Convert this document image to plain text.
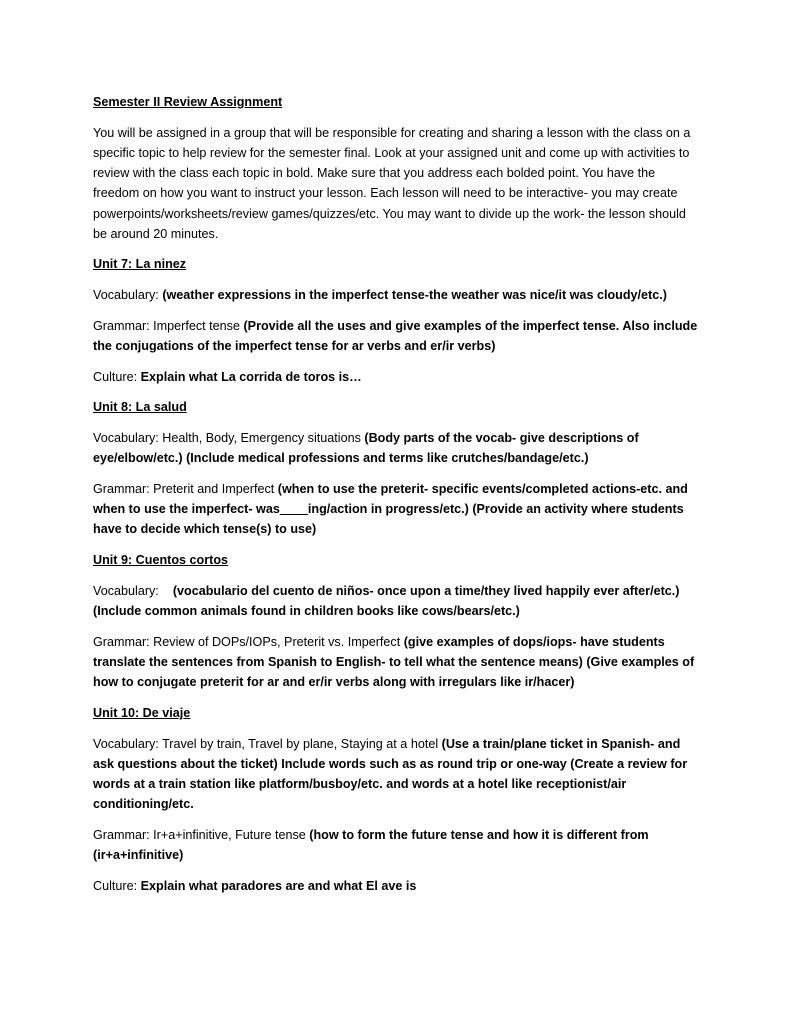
Semester II Review Assignment

You will be assigned in a group that will be responsible for creating and sharing a lesson with the class on a specific topic to help review for the semester final. Look at your assigned unit and come up with activities to review with the class each topic in bold. Make sure that you address each bolded point. You have the freedom on how you want to instruct your lesson. Each lesson will need to be interactive- you may create powerpoints/worksheets/review games/quizzes/etc. You may want to divide up the work- the lesson should be around 20 minutes.

Unit 7: La ninez

Vocabulary: (weather expressions in the imperfect tense-the weather was nice/it was cloudy/etc.)

Grammar: Imperfect tense (Provide all the uses and give examples of the imperfect tense. Also include the conjugations of the imperfect tense for ar verbs and er/ir verbs)

Culture: Explain what La corrida de toros is…

Unit 8: La salud

Vocabulary: Health, Body, Emergency situations (Body parts of the vocab- give descriptions of eye/elbow/etc.) (Include medical professions and terms like crutches/bandage/etc.)

Grammar: Preterit and Imperfect (when to use the preterit- specific events/completed actions-etc. and when to use the imperfect- was____ing/action in progress/etc.) (Provide an activity where students have to decide which tense(s) to use)

Unit 9: Cuentos cortos

Vocabulary:    (vocabulario del cuento de niños- once upon a time/they lived happily ever after/etc.) (Include common animals found in children books like cows/bears/etc.)

Grammar: Review of DOPs/IOPs, Preterit vs. Imperfect (give examples of dops/iops- have students translate the sentences from Spanish to English- to tell what the sentence means) (Give examples of how to conjugate preterit for ar and er/ir verbs along with irregulars like ir/hacer)

Unit 10: De viaje

Vocabulary: Travel by train, Travel by plane, Staying at a hotel (Use a train/plane ticket in Spanish- and ask questions about the ticket) Include words such as as round trip or one-way (Create a review for words at a train station like platform/busboy/etc. and words at a hotel like receptionist/air conditioning/etc.

Grammar: Ir+a+infinitive, Future tense (how to form the future tense and how it is different from (ir+a+infinitive)

Culture: Explain what paradores are and what El ave is
